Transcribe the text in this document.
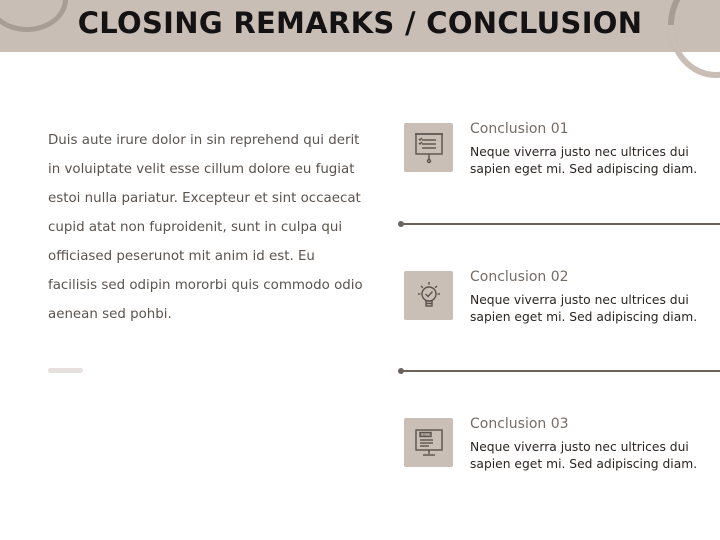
CLOSING REMARKS / CONCLUSION
Duis aute irure dolor in sin reprehend qui derit in voluiptate velit esse cillum dolore eu fugiat estoi nulla pariatur. Excepteur et sint occaecat cupid atat non fuproidenit, sunt in culpa qui officiased peserunot mit anim id est. Eu facilisis sed odipin mororbi quis commodo odio aenean sed pohbi.
Conclusion 01
Neque viverra justo nec ultrices dui sapien eget mi. Sed adipiscing diam.
Conclusion 02
Neque viverra justo nec ultrices dui sapien eget mi. Sed adipiscing diam.
BRIEF
Conclusion 03
Neque viverra justo nec ultrices dui sapien eget mi. Sed adipiscing diam.
